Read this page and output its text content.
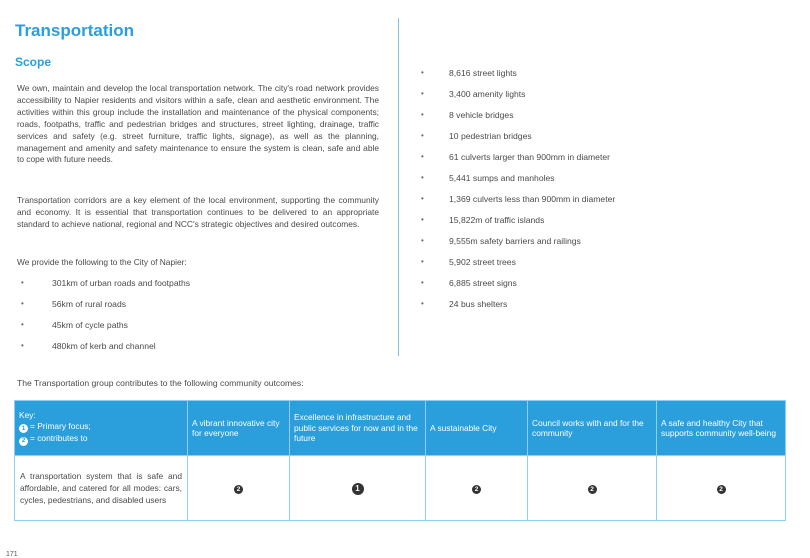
Transportation
Scope

We own, maintain and develop the local transportation network. The city's road network provides accessibility to Napier residents and visitors within a safe, clean and aesthetic environment. The activities within this group include the installation and maintenance of the physical components; roads, footpaths, traffic and pedestrian bridges and structures, street lighting, drainage, traffic services and safety (e.g. street furniture, traffic lights, signage), as well as the planning, management and amenity and safety maintenance to ensure the system is clean, safe and able to cope with future needs.

Transportation corridors are a key element of the local environment, supporting the community and economy. It is essential that transportation continues to be delivered to an appropriate standard to achieve national, regional and NCC's strategic objectives and desired outcomes.

We provide the following to the City of Napier:

•	301km of urban roads and footpaths
•	56km of rural roads
•	45km of cycle paths
•	480km of kerb and channel
•	8,616 street lights
•	3,400 amenity lights
•	8 vehicle bridges
•	10 pedestrian bridges
•	61 culverts larger than 900mm in diameter
•	5,441 sumps and manholes
•	1,369 culverts less than 900mm in diameter
•	15,822m of traffic islands
•	9,555m safety barriers and railings
•	5,902 street trees
•	6,885 street signs
•	24 bus shelters

The Transportation group contributes to the following community outcomes:

Key:
1 = Primary focus;
2 = contributes to	A vibrant innovative city for everyone	Excellence in infrastructure and public services for now and in the future	A sustainable City	Council works with and for the community	A safe and healthy City that supports community well-being
A transportation system that is safe and affordable, and catered for all modes: cars, cycles, pedestrians, and disabled users	2	1	2	2	2
171
